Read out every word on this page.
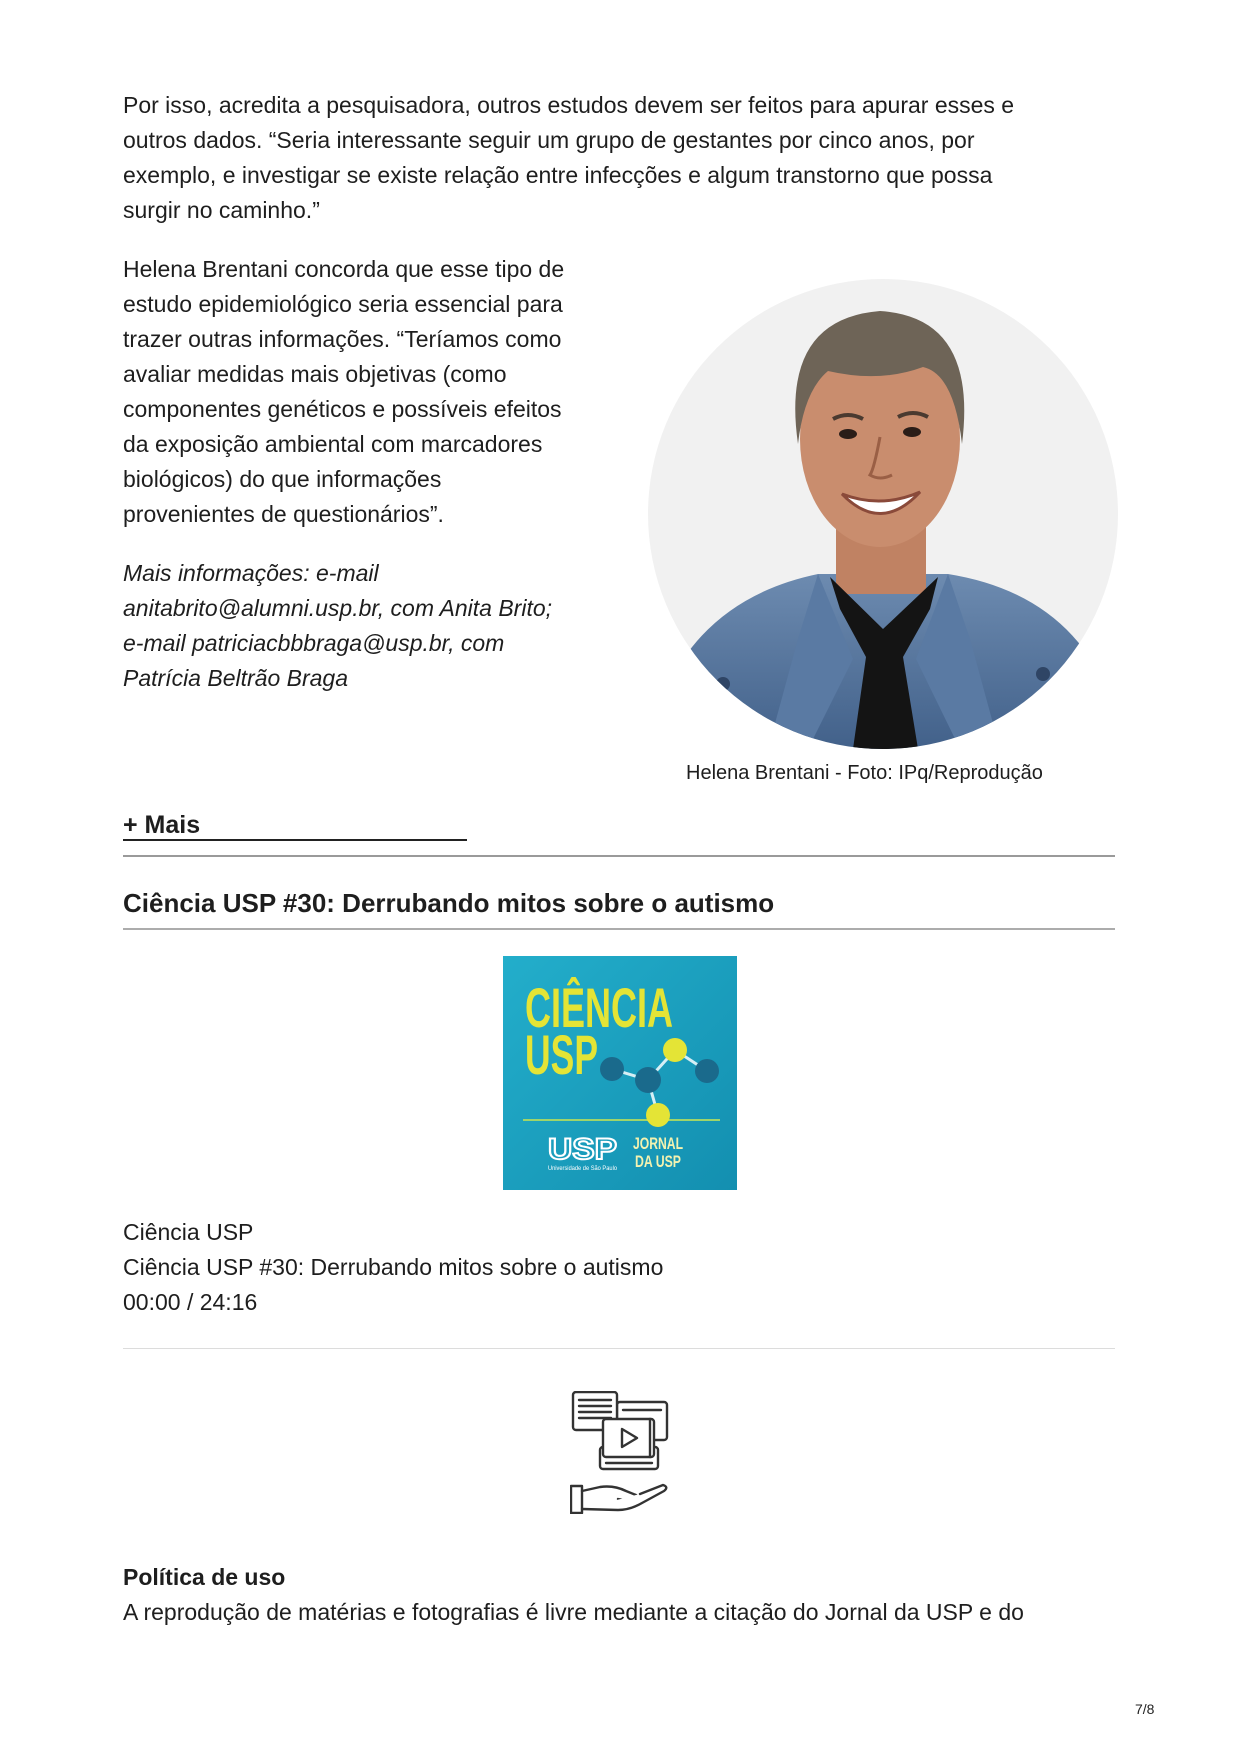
Por isso, acredita a pesquisadora, outros estudos devem ser feitos para apurar esses e
outros dados. “Seria interessante seguir um grupo de gestantes por cinco anos, por
exemplo, e investigar se existe relação entre infecções e algum transtorno que possa
surgir no caminho.”
Helena Brentani concorda que esse tipo de
estudo epidemiológico seria essencial para
trazer outras informações. “Teríamos como
avaliar medidas mais objetivas (como
componentes genéticos e possíveis efeitos
da exposição ambiental com marcadores
biológicos) do que informações
provenientes de questionários”.
Mais informações: e-mail
anitabrito@alumni.usp.br, com Anita Brito;
e-mail patriciacbbbraga@usp.br, com
Patrícia Beltrão Braga
Helena Brentani - Foto: IPq/Reprodução
+ Mais
Ciência USP #30: Derrubando mitos sobre o autismo
CIÊNCIA
USP
USP
Universidade de São Paulo
JORNAL
DA USP
Ciência USP
Ciência USP #30: Derrubando mitos sobre o autismo
00:00 / 24:16
Política de uso
A reprodução de matérias e fotografias é livre mediante a citação do Jornal da USP e do
7/8
